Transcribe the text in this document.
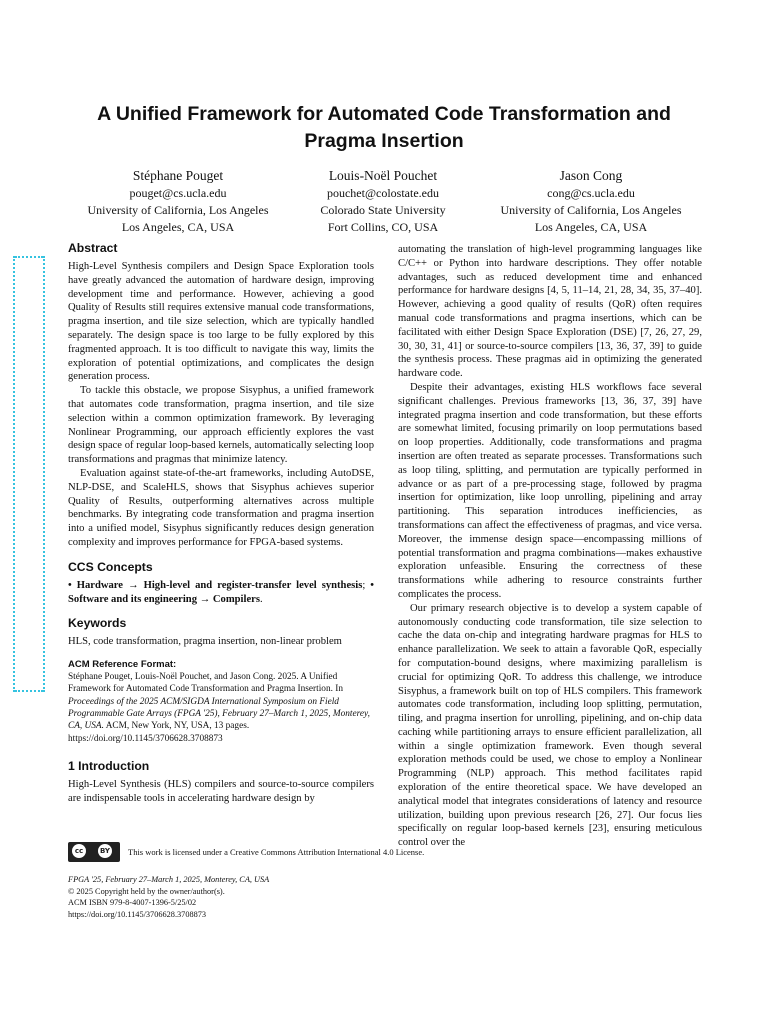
A Unified Framework for Automated Code Transformation and Pragma Insertion
Stéphane Pouget
pouget@cs.ucla.edu
University of California, Los Angeles
Los Angeles, CA, USA
Louis-Noël Pouchet
pouchet@colostate.edu
Colorado State University
Fort Collins, CO, USA
Jason Cong
cong@cs.ucla.edu
University of California, Los Angeles
Los Angeles, CA, USA
Abstract

High-Level Synthesis compilers and Design Space Exploration tools have greatly advanced the automation of hardware design, improving development time and performance. However, achieving a good Quality of Results still requires extensive manual code transformations, pragma insertion, and tile size selection, which are typically handled separately. The design space is too large to be fully explored by this fragmented approach. It is too difficult to navigate this way, limits the exploration of potential optimizations, and complicates the design generation process.

To tackle this obstacle, we propose Sisyphus, a unified framework that automates code transformation, pragma insertion, and tile size selection within a common optimization framework. By leveraging Nonlinear Programming, our approach efficiently explores the vast design space of regular loop-based kernels, automatically selecting loop transformations and pragmas that minimize latency.

Evaluation against state-of-the-art frameworks, including AutoDSE, NLP-DSE, and ScaleHLS, shows that Sisyphus achieves superior Quality of Results, outperforming alternatives across multiple benchmarks. By integrating code transformation and pragma insertion into a unified model, Sisyphus significantly reduces design generation complexity and improves performance for FPGA-based systems.

CCS Concepts

• Hardware → High-level and register-transfer level synthesis; • Software and its engineering → Compilers.

Keywords

HLS, code transformation, pragma insertion, non-linear problem

ACM Reference Format:

Stéphane Pouget, Louis-Noël Pouchet, and Jason Cong. 2025. A Unified Framework for Automated Code Transformation and Pragma Insertion. In Proceedings of the 2025 ACM/SIGDA International Symposium on Field Programmable Gate Arrays (FPGA '25), February 27–March 1, 2025, Monterey, CA, USA. ACM, New York, NY, USA, 13 pages. https://doi.org/10.1145/3706628.3708873

1 Introduction

High-Level Synthesis (HLS) compilers and source-to-source compilers are indispensable tools in accelerating hardware design by

automating the translation of high-level programming languages like C/C++ or Python into hardware descriptions. They offer notable advantages, such as reduced development time and enhanced performance for hardware designs [4, 5, 11–14, 21, 28, 34, 35, 37–40]. However, achieving a good quality of results (QoR) often requires manual code transformations and pragma insertions, which can be facilitated with either Design Space Exploration (DSE) [7, 26, 27, 29, 30, 30, 31, 41] or source-to-source compilers [13, 36, 37, 39] to guide the synthesis process. These pragmas aid in optimizing the generated hardware code.

Despite their advantages, existing HLS workflows face several significant challenges. Previous frameworks [13, 36, 37, 39] have integrated pragma insertion and code transformation, but these efforts are somewhat limited, focusing primarily on loop permutations based on loop properties. Additionally, code transformations and pragma insertion are often treated as separate processes. Transformations such as loop tiling, splitting, and permutation are typically performed in advance or as part of a pre-processing stage, followed by pragma insertion for optimization, like loop unrolling, pipelining and array partitioning. This separation introduces inefficiencies, as transformations can affect the effectiveness of pragmas, and vice versa. Moreover, the immense design space—encompassing millions of potential transformation and pragma combinations—makes exhaustive exploration unfeasible. Ensuring the correctness of these transformations while adhering to resource constraints further complicates the process.

Our primary research objective is to develop a system capable of autonomously conducting code transformation, tile size selection to cache the data on-chip and integrating hardware pragmas for HLS to enhance parallelization. We seek to attain a favorable QoR, especially for computation-bound designs, where maximizing parallelism is crucial for optimizing QoR. To address this challenge, we introduce Sisyphus, a framework built on top of HLS compilers. This framework automates code transformation, including loop splitting, permutation, tiling, and pragma insertion for unrolling, pipelining, and on-chip data caching while partitioning arrays to ensure efficient parallelization, all within a single optimization framework. Even though several exploration methods could be used, we chose to employ a Nonlinear Programming (NLP) approach. This method facilitates rapid exploration of the entire theoretical space. We have developed an analytical model that integrates considerations of latency and resource utilization, building upon previous research [26, 27]. Our focus lies specifically on regular loop-based kernels [23], ensuring meticulous control over the

cc	BY This work is licensed under a Creative Commons Attribution International 4.0 License.
FPGA '25, February 27–March 1, 2025, Monterey, CA, USA
© 2025 Copyright held by the owner/author(s).
ACM ISBN 979-8-4007-1396-5/25/02
https://doi.org/10.1145/3706628.3708873
